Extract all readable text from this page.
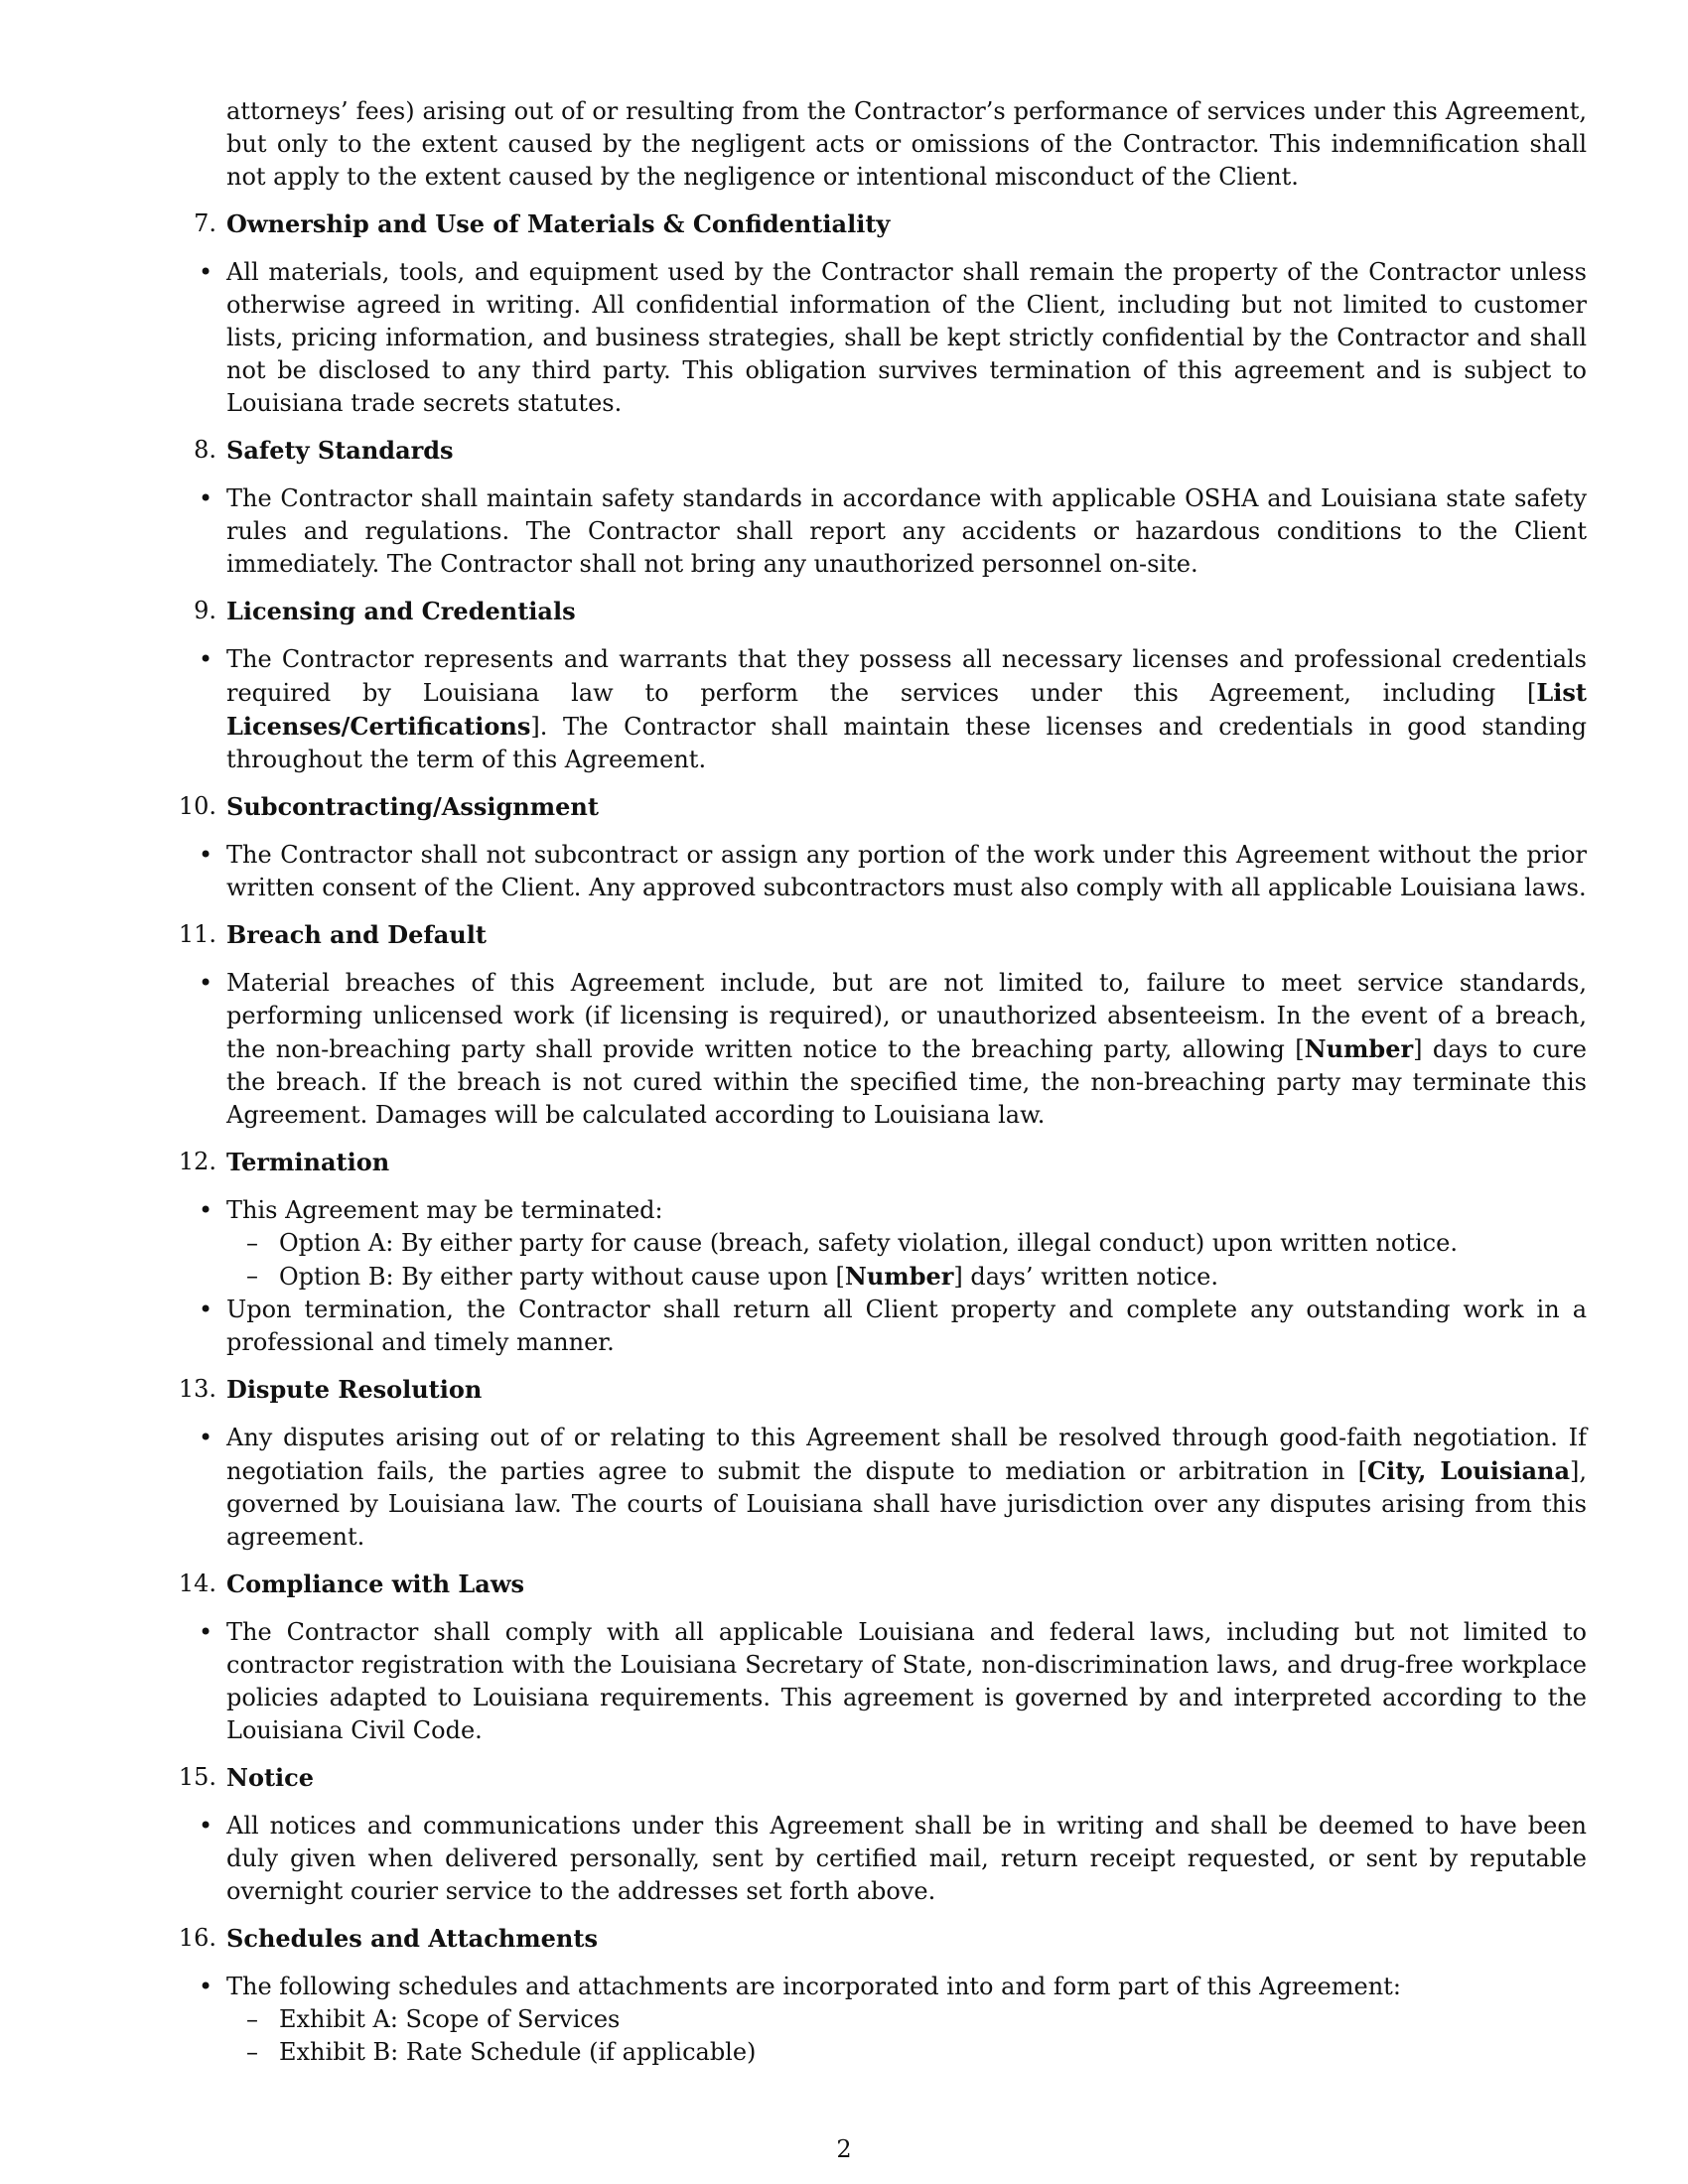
attorneys’ fees) arising out of or resulting from the Contractor’s performance of services under this Agreement, but only to the extent caused by the negligent acts or omissions of the Contractor. This indemnification shall not apply to the extent caused by the negligence or intentional misconduct of the Client.

7. Ownership and Use of Materials & Confidentiality
• All materials, tools, and equipment used by the Contractor shall remain the property of the Contractor unless otherwise agreed in writing. All confidential information of the Client, including but not limited to customer lists, pricing information, and business strategies, shall be kept strictly confidential by the Contractor and shall not be disclosed to any third party. This obligation survives termination of this agreement and is subject to Louisiana trade secrets statutes.

8. Safety Standards
• The Contractor shall maintain safety standards in accordance with applicable OSHA and Louisiana state safety rules and regulations. The Contractor shall report any accidents or hazardous conditions to the Client immediately. The Contractor shall not bring any unauthorized personnel on-site.

9. Licensing and Credentials
• The Contractor represents and warrants that they possess all necessary licenses and professional credentials required by Louisiana law to perform the services under this Agreement, including [List Licenses/Certifications]. The Contractor shall maintain these licenses and credentials in good standing throughout the term of this Agreement.

10. Subcontracting/Assignment
• The Contractor shall not subcontract or assign any portion of the work under this Agreement without the prior written consent of the Client. Any approved subcontractors must also comply with all applicable Louisiana laws.

11. Breach and Default
• Material breaches of this Agreement include, but are not limited to, failure to meet service standards, performing unlicensed work (if licensing is required), or unauthorized absenteeism. In the event of a breach, the non-breaching party shall provide written notice to the breaching party, allowing [Number] days to cure the breach. If the breach is not cured within the specified time, the non-breaching party may terminate this Agreement. Damages will be calculated according to Louisiana law.

12. Termination
• This Agreement may be terminated:

– Option A: By either party for cause (breach, safety violation, illegal conduct) upon written notice.
– Option B: By either party without cause upon [Number] days’ written notice.
• Upon termination, the Contractor shall return all Client property and complete any outstanding work in a professional and timely manner.

13. Dispute Resolution
• Any disputes arising out of or relating to this Agreement shall be resolved through good-faith negotiation. If negotiation fails, the parties agree to submit the dispute to mediation or arbitration in [City, Louisiana], governed by Louisiana law. The courts of Louisiana shall have jurisdiction over any disputes arising from this agreement.

14. Compliance with Laws
• The Contractor shall comply with all applicable Louisiana and federal laws, including but not limited to contractor registration with the Louisiana Secretary of State, non-discrimination laws, and drug-free workplace policies adapted to Louisiana requirements. This agreement is governed by and interpreted according to the Louisiana Civil Code.

15. Notice
• All notices and communications under this Agreement shall be in writing and shall be deemed to have been duly given when delivered personally, sent by certified mail, return receipt requested, or sent by reputable overnight courier service to the addresses set forth above.

16. Schedules and Attachments
• The following schedules and attachments are incorporated into and form part of this Agreement:

– Exhibit A: Scope of Services
– Exhibit B: Rate Schedule (if applicable)
2
